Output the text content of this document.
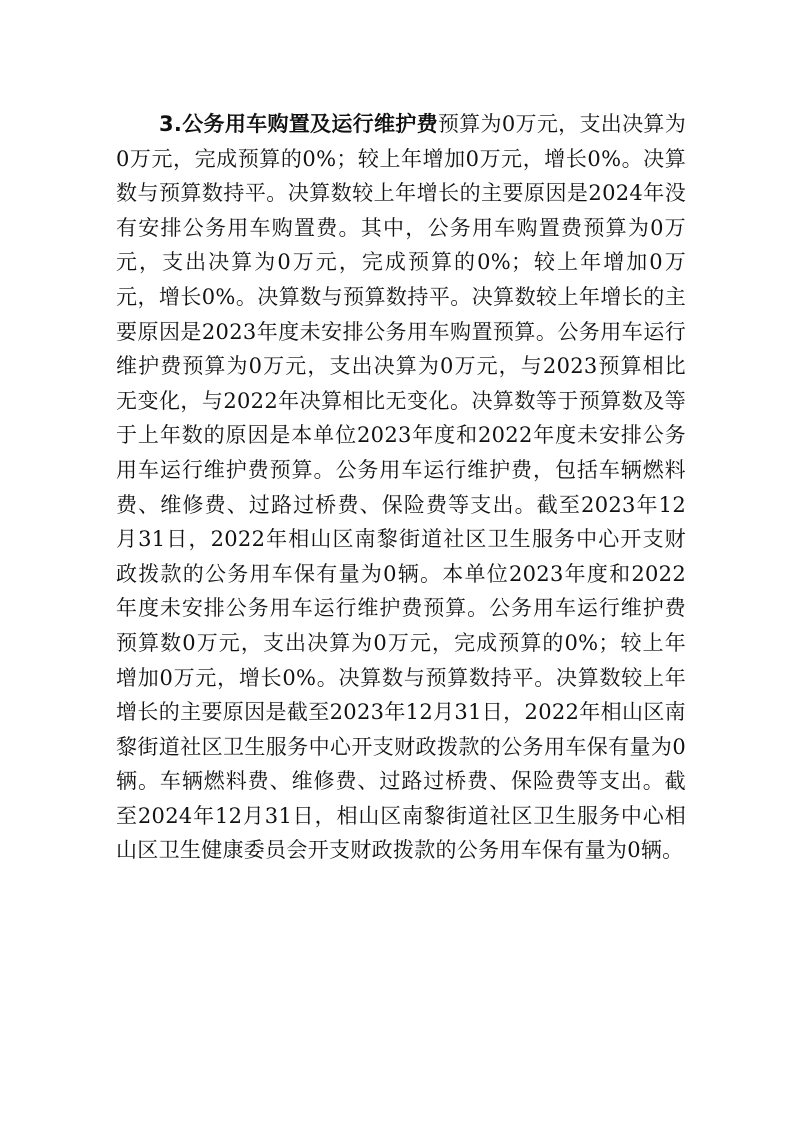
3.公务用车购置及运行维护费预算为0万元，支出决算为0万元，完成预算的0%；较上年增加0万元，增长0%。决算数与预算数持平。决算数较上年增长的主要原因是2024年没有安排公务用车购置费。其中，公务用车购置费预算为0万元，支出决算为0万元，完成预算的0%；较上年增加0万元，增长0%。决算数与预算数持平。决算数较上年增长的主要原因是2023年度未安排公务用车购置预算。公务用车运行维护费预算为0万元，支出决算为0万元，与2023预算相比无变化，与2022年决算相比无变化。决算数等于预算数及等于上年数的原因是本单位2023年度和2022年度未安排公务用车运行维护费预算。公务用车运行维护费，包括车辆燃料费、维修费、过路过桥费、保险费等支出。截至2023年12月31日，2022年相山区南黎街道社区卫生服务中心开支财政拨款的公务用车保有量为0辆。本单位2023年度和2022年度未安排公务用车运行维护费预算。公务用车运行维护费预算数0万元，支出决算为0万元，完成预算的0%；较上年增加0万元，增长0%。决算数与预算数持平。决算数较上年增长的主要原因是截至2023年12月31日，2022年相山区南黎街道社区卫生服务中心开支财政拨款的公务用车保有量为0辆。车辆燃料费、维修费、过路过桥费、保险费等支出。截至2024年12月31日，相山区南黎街道社区卫生服务中心相山区卫生健康委员会开支财政拨款的公务用车保有量为0辆。
